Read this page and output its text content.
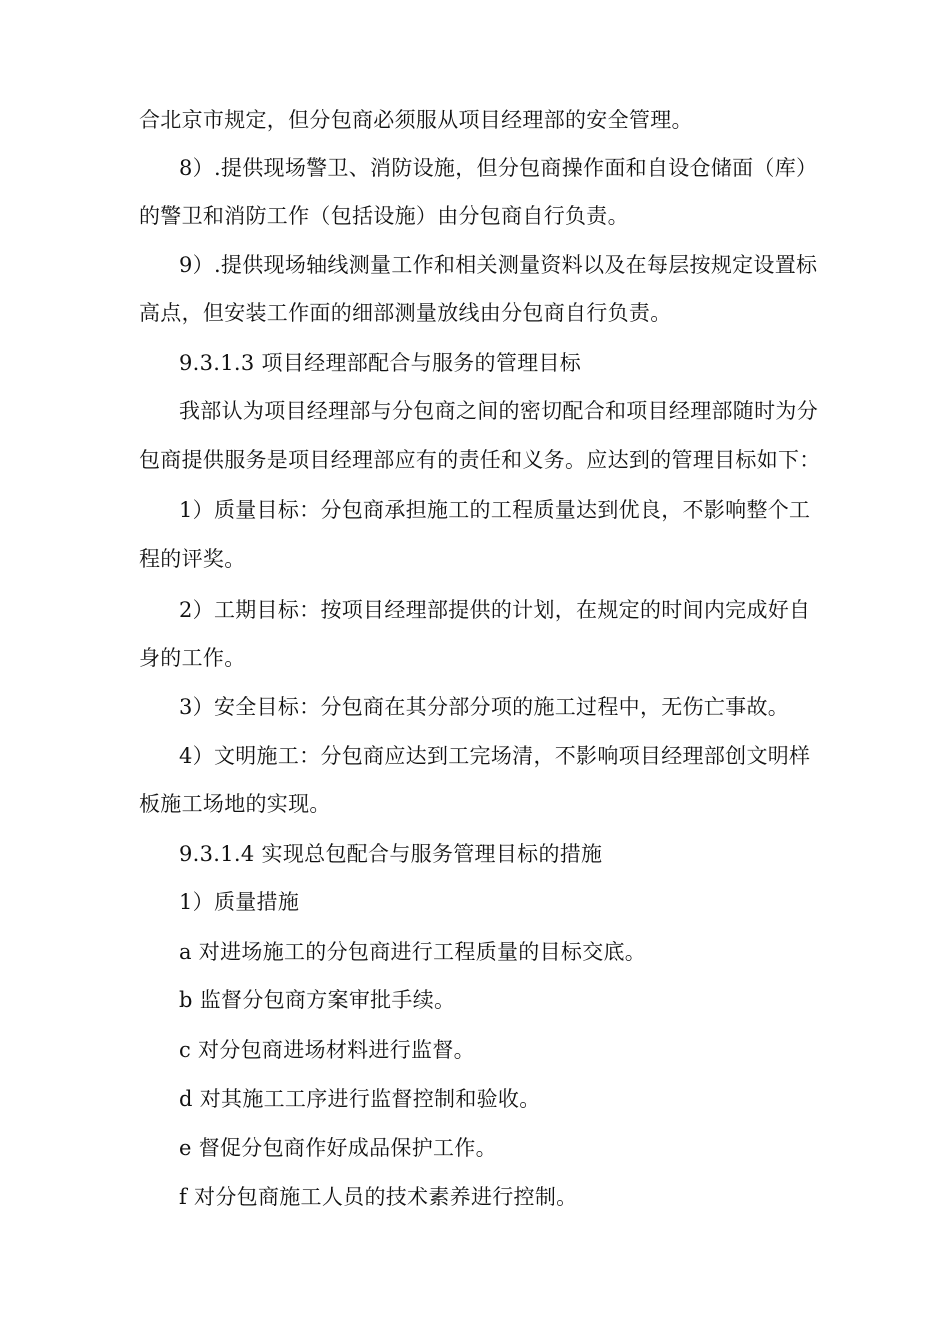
合北京市规定，但分包商必须服从项目经理部的安全管理。
8）.提供现场警卫、消防设施，但分包商操作面和自设仓储面（库）
的警卫和消防工作（包括设施）由分包商自行负责。
9）.提供现场轴线测量工作和相关测量资料以及在每层按规定设置标
高点，但安装工作面的细部测量放线由分包商自行负责。
9.3.1.3 项目经理部配合与服务的管理目标
我部认为项目经理部与分包商之间的密切配合和项目经理部随时为分
包商提供服务是项目经理部应有的责任和义务。应达到的管理目标如下：
1）质量目标：分包商承担施工的工程质量达到优良，不影响整个工
程的评奖。
2）工期目标：按项目经理部提供的计划，在规定的时间内完成好自
身的工作。
3）安全目标：分包商在其分部分项的施工过程中，无伤亡事故。
4）文明施工：分包商应达到工完场清，不影响项目经理部创文明样
板施工场地的实现。
9.3.1.4 实现总包配合与服务管理目标的措施
1）质量措施
a 对进场施工的分包商进行工程质量的目标交底。
b 监督分包商方案审批手续。
c 对分包商进场材料进行监督。
d 对其施工工序进行监督控制和验收。
e 督促分包商作好成品保护工作。
f 对分包商施工人员的技术素养进行控制。
